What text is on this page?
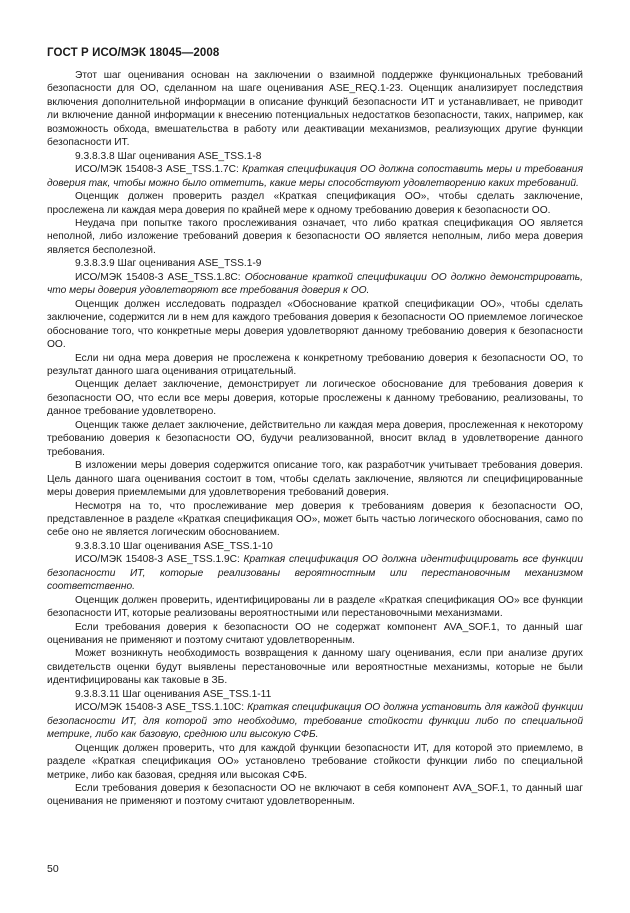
ГОСТ Р ИСО/МЭК 18045—2008

Этот шаг оценивания основан на заключении о взаимной поддержке функциональных требований безопасности для ОО, сделанном на шаге оценивания ASE_REQ.1-23. Оценщик анализирует последствия включения дополнительной информации в описание функций безопасности ИТ и устанавливает, не приводит ли включение данной информации к внесению потенциальных недостатков безопасности, таких, например, как возможность обхода, вмешательства в работу или деактивации механизмов, реализующих другие функции безопасности ИТ.

9.3.8.3.8 Шаг оценивания ASE_TSS.1-8

ИСО/МЭК 15408-3 ASE_TSS.1.7C: Краткая спецификация ОО должна сопоставить меры и требования доверия так, чтобы можно было отметить, какие меры способствуют удовлетворению каких требований.

Оценщик должен проверить раздел «Краткая спецификация ОО», чтобы сделать заключение, прослежена ли каждая мера доверия по крайней мере к одному требованию доверия к безопасности ОО.

Неудача при попытке такого прослеживания означает, что либо краткая спецификация ОО является неполной, либо изложение требований доверия к безопасности ОО является неполным, либо мера доверия является бесполезной.

9.3.8.3.9 Шаг оценивания ASE_TSS.1-9

ИСО/МЭК 15408-3 ASE_TSS.1.8C: Обоснование краткой спецификации ОО должно демонстрировать, что меры доверия удовлетворяют все требования доверия к ОО.

Оценщик должен исследовать подраздел «Обоснование краткой спецификации ОО», чтобы сделать заключение, содержится ли в нем для каждого требования доверия к безопасности ОО приемлемое логическое обоснование того, что конкретные меры доверия удовлетворяют данному требованию доверия к безопасности ОО.

Если ни одна мера доверия не прослежена к конкретному требованию доверия к безопасности ОО, то результат данного шага оценивания отрицательный.

Оценщик делает заключение, демонстрирует ли логическое обоснование для требования доверия к безопасности ОО, что если все меры доверия, которые прослежены к данному требованию, реализованы, то данное требование удовлетворено.

Оценщик также делает заключение, действительно ли каждая мера доверия, прослеженная к некоторому требованию доверия к безопасности ОО, будучи реализованной, вносит вклад в удовлетворение данного требования.

В изложении меры доверия содержится описание того, как разработчик учитывает требования доверия. Цель данного шага оценивания состоит в том, чтобы сделать заключение, являются ли специфицированные меры доверия приемлемыми для удовлетворения требований доверия.

Несмотря на то, что прослеживание мер доверия к требованиям доверия к безопасности ОО, представленное в разделе «Краткая спецификация ОО», может быть частью логического обоснования, само по себе оно не является логическим обоснованием.

9.3.8.3.10 Шаг оценивания ASE_TSS.1-10

ИСО/МЭК 15408-3 ASE_TSS.1.9C: Краткая спецификация ОО должна идентифицировать все функции безопасности ИТ, которые реализованы вероятностным или перестановочным механизмом соответственно.

Оценщик должен проверить, идентифицированы ли в разделе «Краткая спецификация ОО» все функции безопасности ИТ, которые реализованы вероятностными или перестановочными механизмами.

Если требования доверия к безопасности ОО не содержат компонент AVA_SOF.1, то данный шаг оценивания не применяют и поэтому считают удовлетворенным.

Может возникнуть необходимость возвращения к данному шагу оценивания, если при анализе других свидетельств оценки будут выявлены перестановочные или вероятностные механизмы, которые не были идентифицированы как таковые в ЗБ.

9.3.8.3.11 Шаг оценивания ASE_TSS.1-11

ИСО/МЭК 15408-3 ASE_TSS.1.10C: Краткая спецификация ОО должна установить для каждой функции безопасности ИТ, для которой это необходимо, требование стойкости функции либо по специальной метрике, либо как базовую, среднюю или высокую СФБ.

Оценщик должен проверить, что для каждой функции безопасности ИТ, для которой это приемлемо, в разделе «Краткая спецификация ОО» установлено требование стойкости функции либо по специальной метрике, либо как базовая, средняя или высокая СФБ.

Если требования доверия к безопасности ОО не включают в себя компонент AVA_SOF.1, то данный шаг оценивания не применяют и поэтому считают удовлетворенным.

50
